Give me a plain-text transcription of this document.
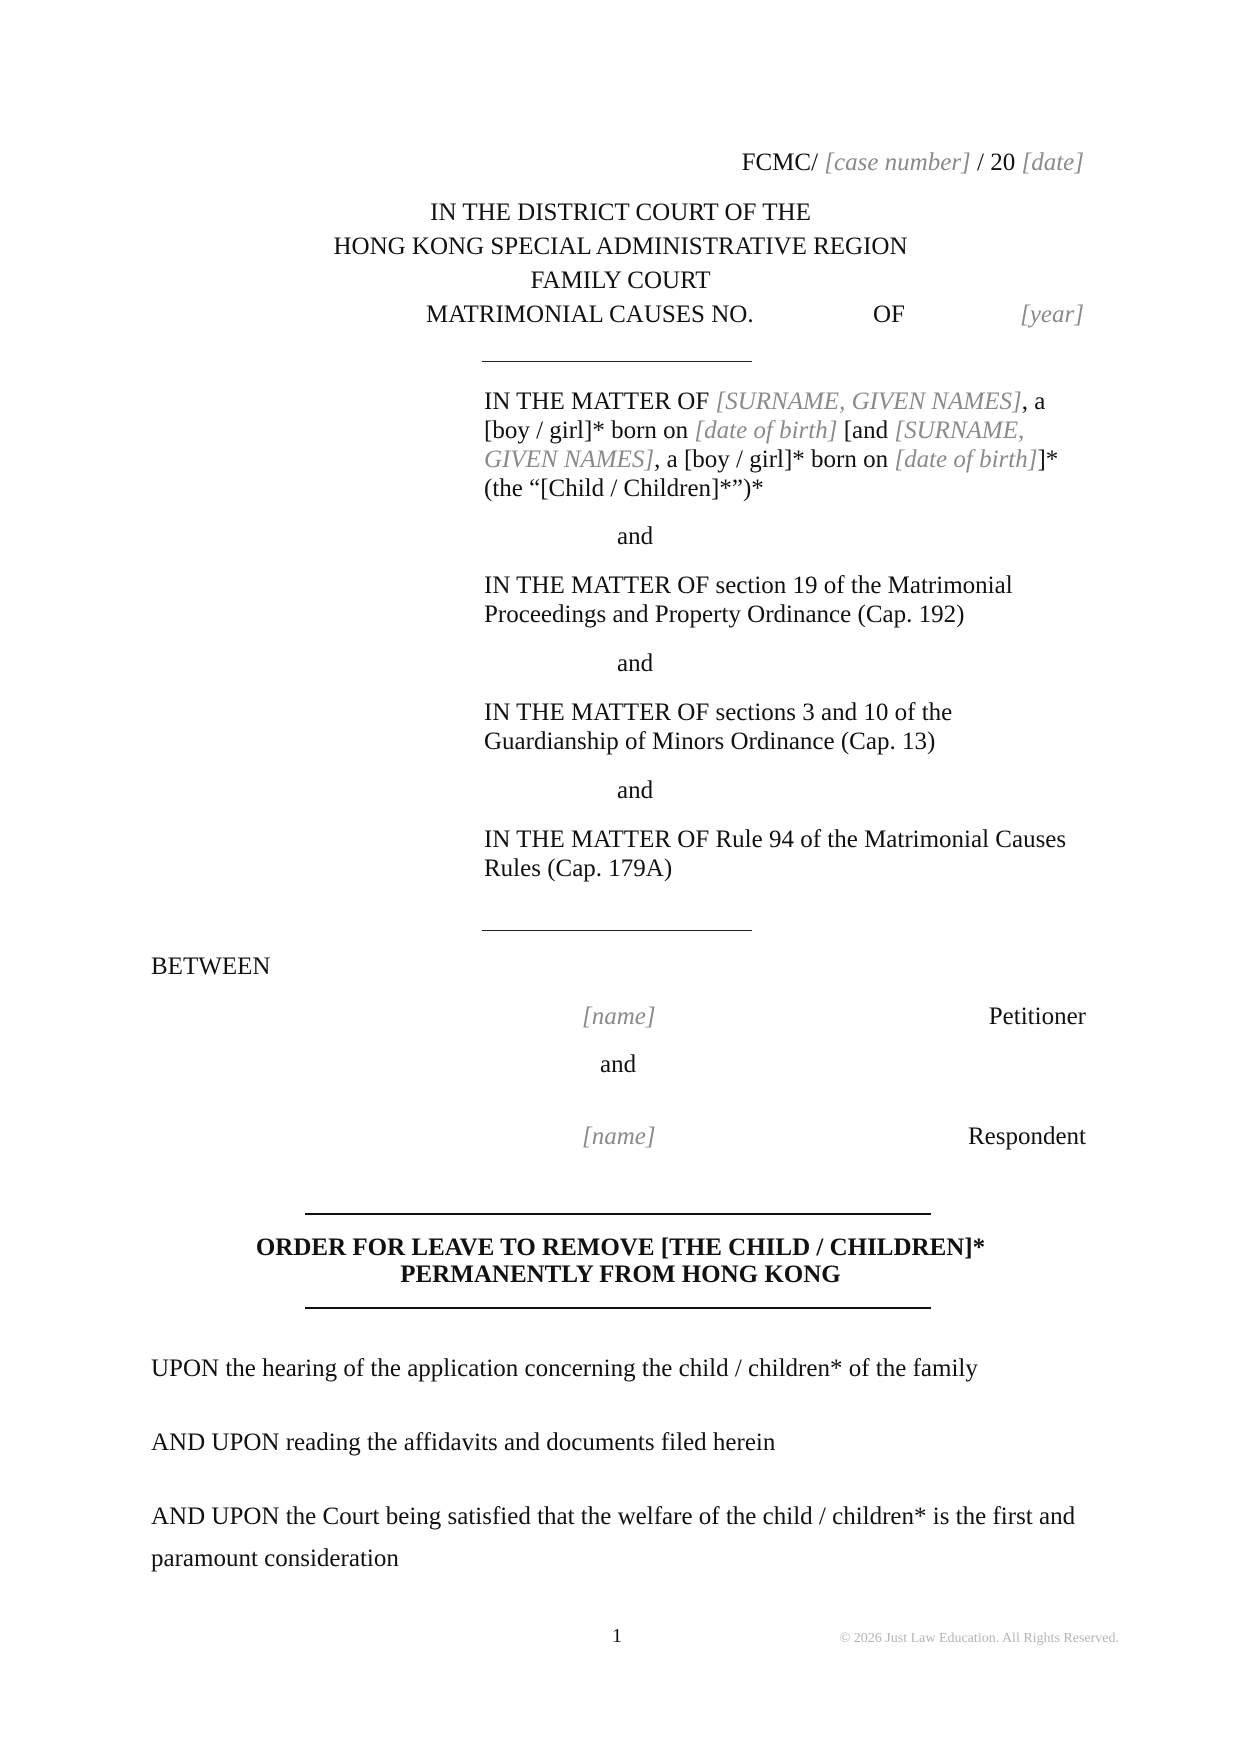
FCMC/ [case number] / 20 [date]
IN THE DISTRICT COURT OF THE
HONG KONG SPECIAL ADMINISTRATIVE REGION
FAMILY COURT
MATRIMONIAL CAUSES NO.	OF	[year]
IN THE MATTER OF [SURNAME, GIVEN NAMES], a [boy / girl]* born on [date of birth] [and [SURNAME, GIVEN NAMES], a [boy / girl]* born on [date of birth]]* (the “[Child / Children]*”)*
and
IN THE MATTER OF section 19 of the Matrimonial Proceedings and Property Ordinance (Cap. 192)
and
IN THE MATTER OF sections 3 and 10 of the Guardianship of Minors Ordinance (Cap. 13)
and
IN THE MATTER OF Rule 94 of the Matrimonial Causes Rules (Cap. 179A)
BETWEEN
[name]	Petitioner
and
[name]	Respondent
ORDER FOR LEAVE TO REMOVE [THE CHILD / CHILDREN]*
PERMANENTLY FROM HONG KONG
UPON the hearing of the application concerning the child / children* of the family
AND UPON reading the affidavits and documents filed herein
AND UPON the Court being satisfied that the welfare of the child / children* is the first and paramount consideration
1	© 2026 Just Law Education. All Rights Reserved.
